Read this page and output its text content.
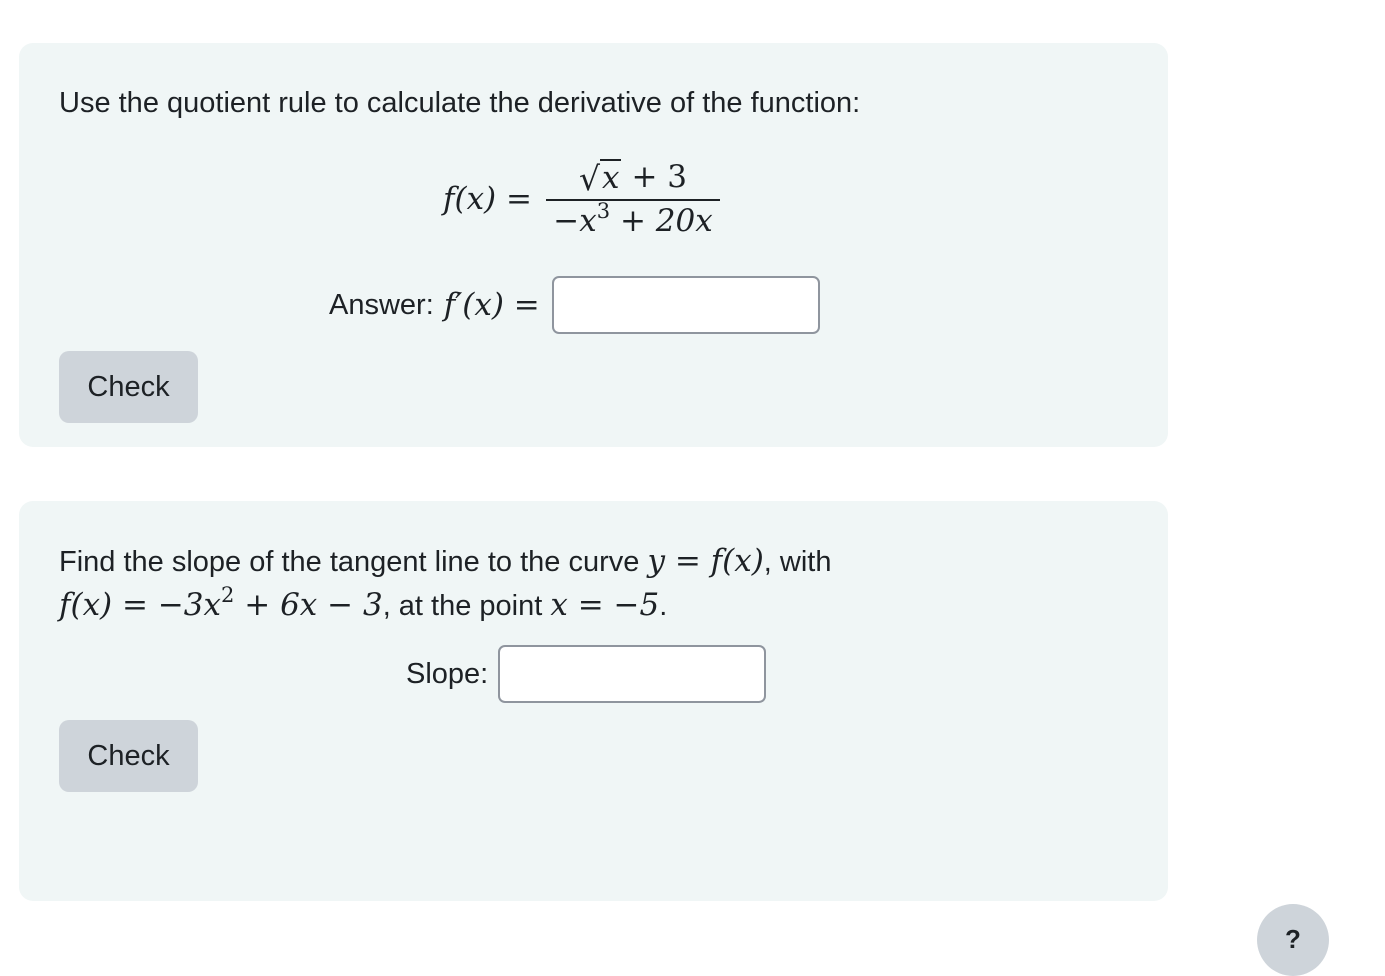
Use the quotient rule to calculate the derivative of the function:
$f(x) = \frac{√ x + 3}{-x^3 + 20x}$
Answer: f′(x) =
Check
Find the slope of the tangent line to the curve y = f(x), with
$f(x) = -3x^2 + 6x - 3$, at the point x = −5.
Slope:
Check
?
